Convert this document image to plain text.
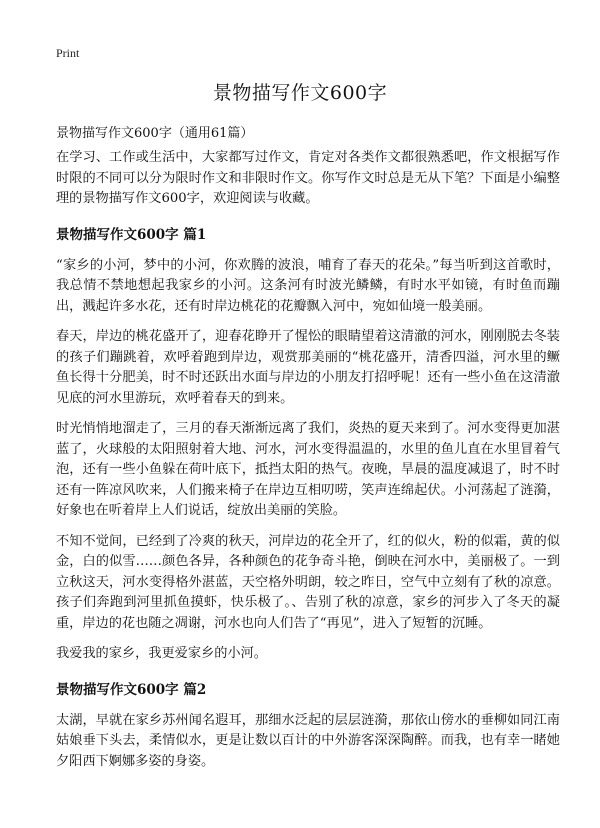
Print
景物描写作文600字

景物描写作文600字（通用61篇）

在学习、工作或生活中，大家都写过作文，肯定对各类作文都很熟悉吧，作文根据写作时限的不同可以分为限时作文和非限时作文。你写作文时总是无从下笔？下面是小编整理的景物描写作文600字，欢迎阅读与收藏。

景物描写作文600字 篇1

“家乡的小河，梦中的小河，你欢腾的波浪，哺育了春天的花朵。”每当听到这首歌时，我总情不禁地想起我家乡的小河。这条河有时波光鳞鳞，有时水平如镜，有时鱼而蹦出，溅起许多水花，还有时岸边桃花的花瓣飘入河中，宛如仙境一般美丽。

春天，岸边的桃花盛开了，迎春花睁开了惺忪的眼睛望着这清澈的河水，刚刚脱去冬装的孩子们蹦跳着，欢呼着跑到岸边，观赏那美丽的“桃花盛开，清香四溢，河水里的鳜鱼长得十分肥美，时不时还跃出水面与岸边的小朋友打招呼呢！还有一些小鱼在这清澈见底的河水里游玩，欢呼着春天的到来。

时光悄悄地溜走了，三月的春天渐渐远离了我们，炎热的夏天来到了。河水变得更加湛蓝了，火球般的太阳照射着大地、河水，河水变得温温的，水里的鱼儿直在水里冒着气泡，还有一些小鱼躲在荷叶底下，抵挡太阳的热气。夜晚，旱晨的温度减退了，时不时还有一阵凉风吹来，人们搬来椅子在岸边互相叨唠，笑声连绵起伏。小河荡起了涟漪，好象也在听着岸上人们说话，绽放出美丽的笑脸。

不知不觉间，已经到了冷爽的秋天，河岸边的花全开了，红的似火，粉的似霜，黄的似金，白的似雪……颜色各异，各种颜色的花争奇斗艳，倒映在河水中，美丽极了。一到立秋这天，河水变得格外湛蓝，天空格外明朗，较之昨日，空气中立刻有了秋的凉意。孩子们奔跑到河里抓鱼摸虾，快乐极了。、告别了秋的凉意，家乡的河步入了冬天的凝重，岸边的花也随之凋谢，河水也向人们告了“再见”，进入了短暂的沉睡。

我爱我的家乡，我更爱家乡的小河。

景物描写作文600字 篇2

太湖，早就在家乡苏州闻名遐耳，那细水泛起的层层涟漪，那依山傍水的垂柳如同江南姑娘垂下头去，柔情似水，更是让数以百计的中外游客深深陶醉。而我，也有幸一睹她夕阳西下婀娜多姿的身姿。
